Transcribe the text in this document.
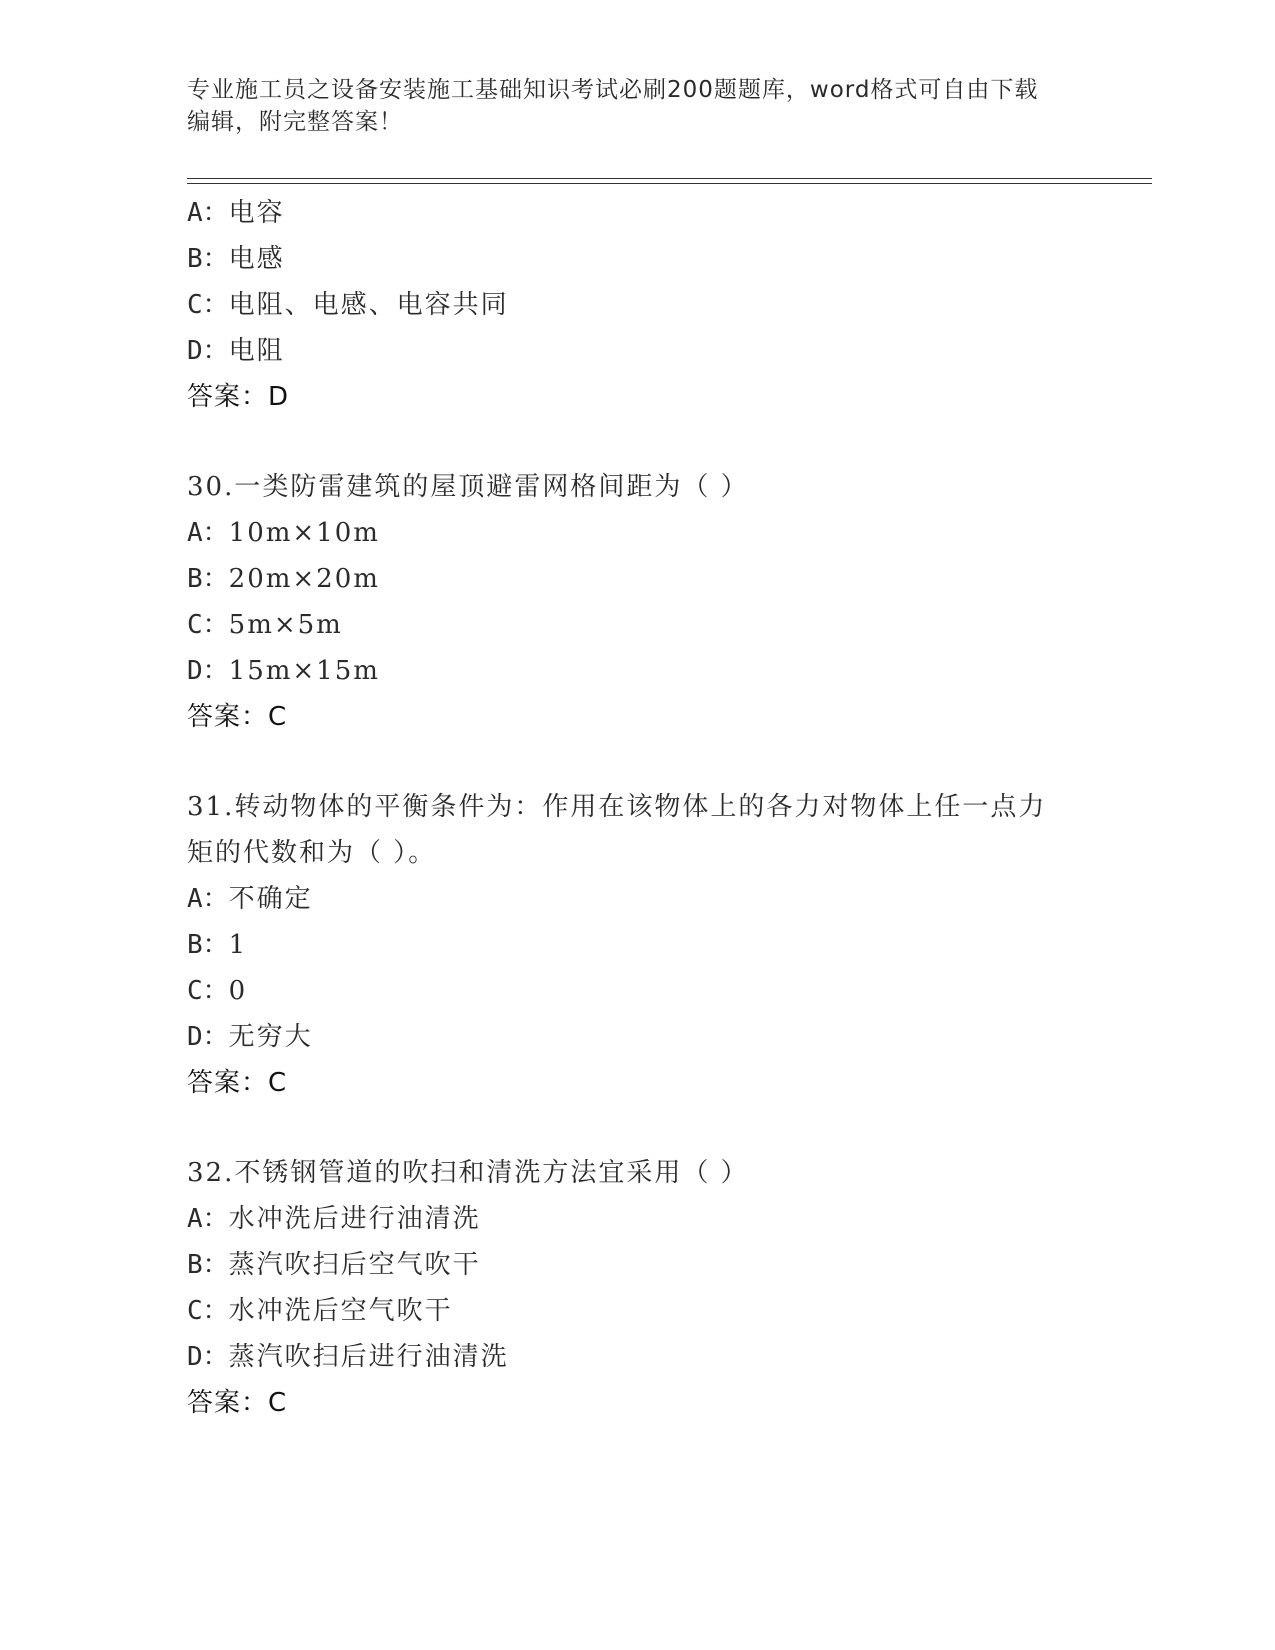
专业施工员之设备安装施工基础知识考试必刷200题题库，word格式可自由下载
编辑，附完整答案！
A：电容
B：电感
C：电阻、电感、电容共同
D：电阻
答案：D
30.一类防雷建筑的屋顶避雷网格间距为（ ）
A：10m×10m
B：20m×20m
C：5m×5m
D：15m×15m
答案：C
31.转动物体的平衡条件为：作用在该物体上的各力对物体上任一点力
矩的代数和为（ ）。
A：不确定
B：1
C：0
D：无穷大
答案：C
32.不锈钢管道的吹扫和清洗方法宜采用（ ）
A：水冲洗后进行油清洗
B：蒸汽吹扫后空气吹干
C：水冲洗后空气吹干
D：蒸汽吹扫后进行油清洗
答案：C
